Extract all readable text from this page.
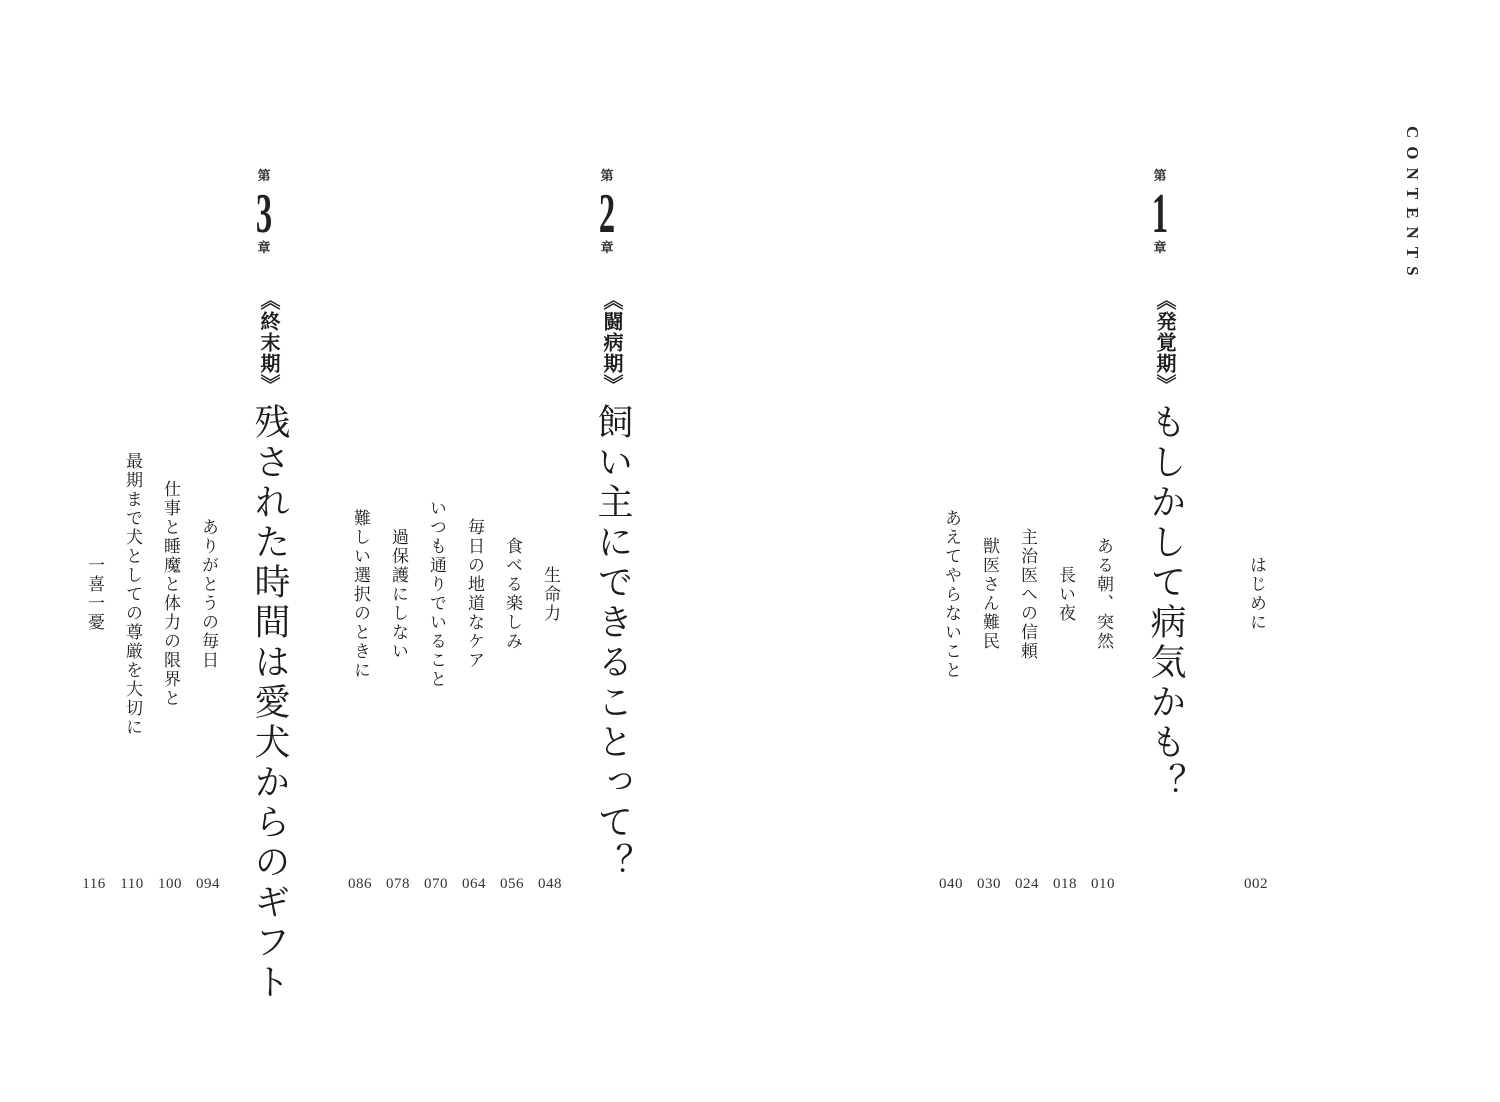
CONTENTS
はじめに
002
第
1
章
《発覚期》もしかして病気かも？
ある朝、突然
010
長い夜
018
主治医への信頼
024
獣医さん難民
030
あえてやらないこと
040
第
2
章
《闘病期》飼い主にできることって？
生命力
048
食べる楽しみ
056
毎日の地道なケア
064
いつも通りでいること
070
過保護にしない
078
難しい選択のときに
086
第
3
章
《終末期》残された時間は愛犬からのギフト
ありがとうの毎日
094
仕事と睡魔と体力の限界と
100
最期まで犬としての尊厳を大切に
110
一喜一憂
116
